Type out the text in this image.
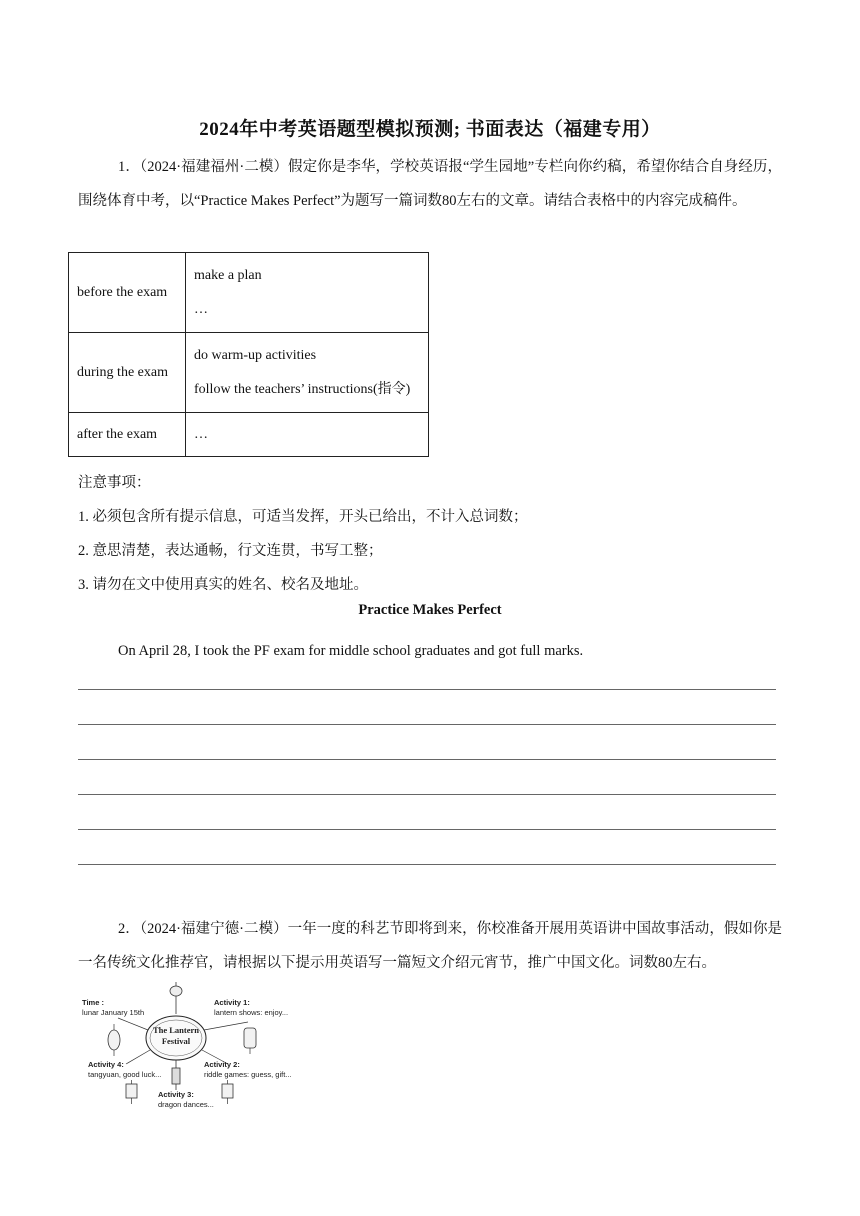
2024年中考英语题型模拟预测; 书面表达（福建专用）
1．（2024·福建福州·二模）假定你是李华，学校英语报“学生园地”专栏向你约稿，希望你结合自身经历，围绕体育中考，以“Practice Makes Perfect”为题写一篇词数80左右的文章。请结合表格中的内容完成稿件。
before the exam	make a plan
…

during the exam	do warm-up activities
follow the teachers’ instructions(指令)

after the exam	…
注意事项：
1. 必须包含所有提示信息，可适当发挥，开头已给出，不计入总词数；
2. 意思清楚，表达通畅，行文连贯，书写工整；
3. 请勿在文中使用真实的姓名、校名及地址。
Practice Makes Perfect
On April 28, I took the PF exam for middle school graduates and got full marks.
2．（2024·福建宁德·二模）一年一度的科艺节即将到来，你校准备开展用英语讲中国故事活动，假如你是一名传统文化推荐官，请根据以下提示用英语写一篇短文介绍元宵节，推广中国文化。词数80左右。
The Lantern
Festival
Time :
lunar January 15th
Activity 1:
lantern shows: enjoy...
Activity 4:
tangyuan, good luck...
Activity 2:
riddle games: guess, gift...
Activity 3:
dragon dances...
